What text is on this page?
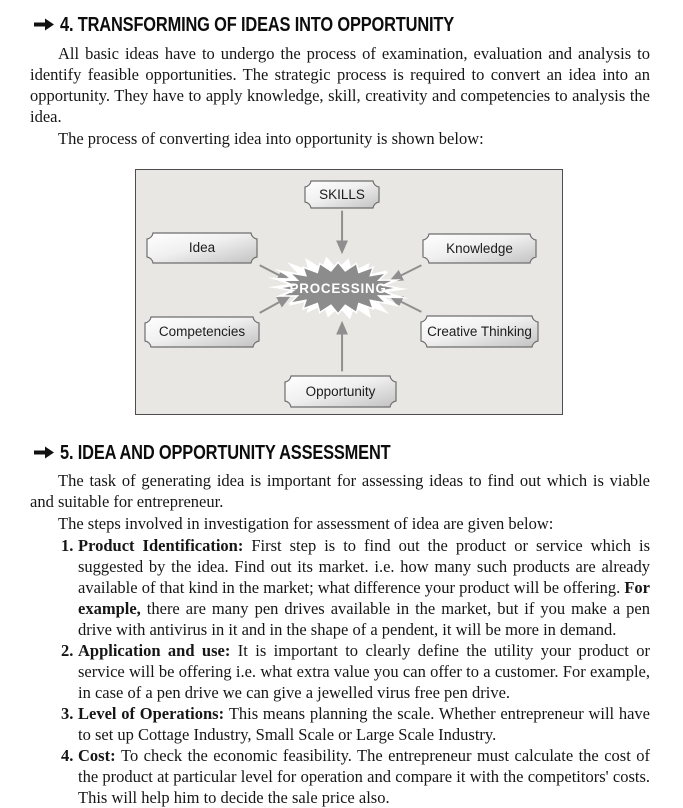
4. TRANSFORMING OF IDEAS INTO OPPORTUNITY

All basic ideas have to undergo the process of examination, evaluation and analysis to identify feasible opportunities. The strategic process is required to convert an idea into an opportunity. They have to apply knowledge, skill, creativity and competencies to analysis the idea.

The process of converting idea into opportunity is shown below:

PROCESSING
SKILLS
Idea	Knowledge
Competencies	Creative Thinking
Opportunity
5. IDEA AND OPPORTUNITY ASSESSMENT

The task of generating idea is important for assessing ideas to find out which is viable and suitable for entrepreneur.

The steps involved in investigation for assessment of idea are given below:

1. Product Identification: First step is to find out the product or service which is suggested by the idea. Find out its market. i.e. how many such products are already available of that kind in the market; what difference your product will be offering. For example, there are many pen drives available in the market, but if you make a pen drive with antivirus in it and in the shape of a pendent, it will be more in demand.
2. Application and use: It is important to clearly define the utility your product or service will be offering i.e. what extra value you can offer to a customer. For example, in case of a pen drive we can give a jewelled virus free pen drive.
3. Level of Operations: This means planning the scale. Whether entrepreneur will have to set up Cottage Industry, Small Scale or Large Scale Industry.
4. Cost: To check the economic feasibility. The entrepreneur must calculate the cost of the product at particular level for operation and compare it with the competitors' costs. This will help him to decide the sale price also.
